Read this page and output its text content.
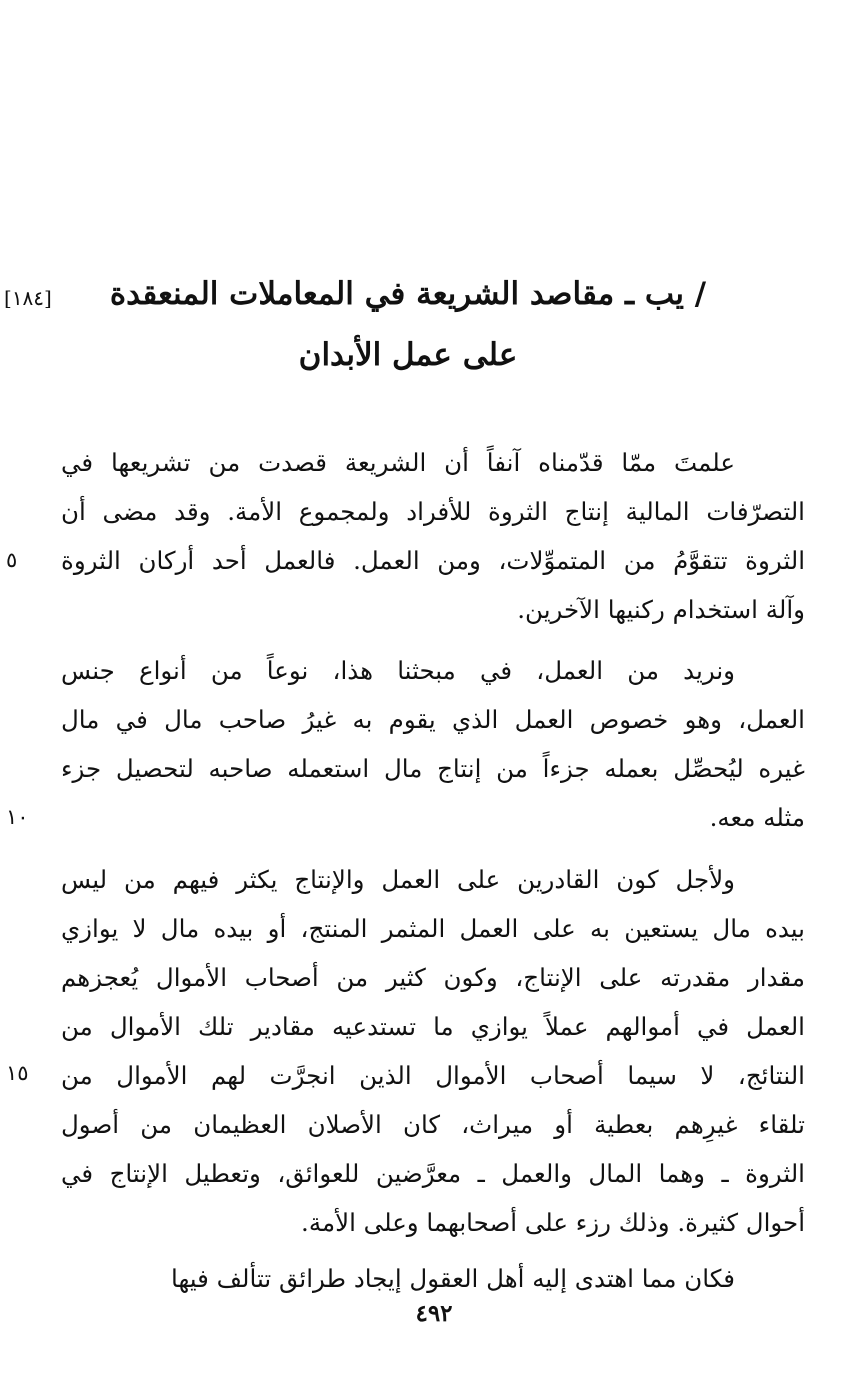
[١٨٤]	/ يب ـ مقاصد الشريعة في المعاملات المنعقدة
على عمل الأبدان
علمتَ ممّا قدّمناه آنفاً أن الشريعة قصدت من تشريعها في
التصرّفات المالية إنتاج الثروة للأفراد ولمجموع الأمة. وقد مضى أن
الثروة تتقوَّمُ من المتموِّلات، ومن العمل. فالعمل أحد أركان الثروة
وآلة استخدام ركنيها الآخرين.
ونريد من العمل، في مبحثنا هذا، نوعاً من أنواع جنس
العمل، وهو خصوص العمل الذي يقوم به غيرُ صاحب مال في مال
غيره ليُحصِّل بعمله جزءاً من إنتاج مال استعمله صاحبه لتحصيل جزء
مثله معه.
ولأجل كون القادرين على العمل والإنتاج يكثر فيهم من ليس
بيده مال يستعين به على العمل المثمر المنتج، أو بيده مال لا يوازي
مقدار مقدرته على الإنتاج، وكون كثير من أصحاب الأموال يُعجزهم
العمل في أموالهم عملاً يوازي ما تستدعيه مقادير تلك الأموال من
النتائج، لا سيما أصحاب الأموال الذين انجرَّت لهم الأموال من
تلقاء غيرِهم بعطية أو ميراث، كان الأصلان العظيمان من أصول
الثروة ـ وهما المال والعمل ـ معرَّضين للعوائق، وتعطيل الإنتاج في
أحوال كثيرة. وذلك رزء على أصحابهما وعلى الأمة.
فكان مما اهتدى إليه أهل العقول إيجاد طرائق تتألف فيها
٥
١٠
١٥
٤٩٢
